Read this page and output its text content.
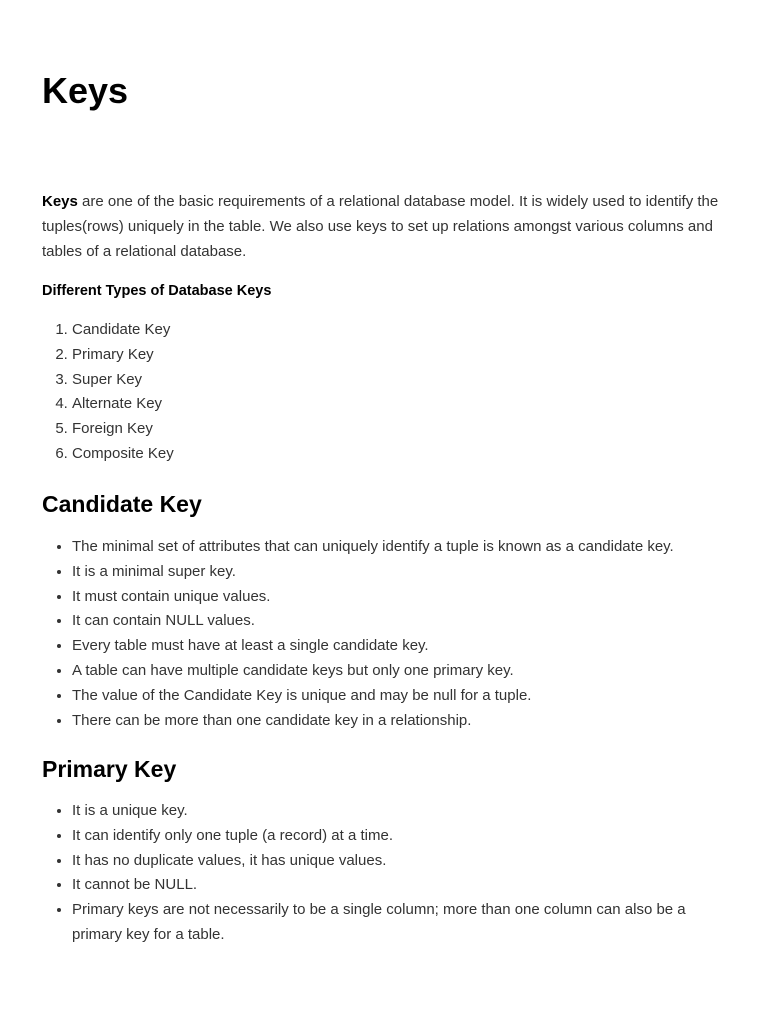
Keys

Keys are one of the basic requirements of a relational database model. It is widely used to identify the tuples(rows) uniquely in the table. We also use keys to set up relations amongst various columns and tables of a relational database.

Different Types of Database Keys

1. Candidate Key
2. Primary Key
3. Super Key
4. Alternate Key
5. Foreign Key
6. Composite Key
Candidate Key
• The minimal set of attributes that can uniquely identify a tuple is known as a candidate key.
• It is a minimal super key.
• It must contain unique values.
• It can contain NULL values.
• Every table must have at least a single candidate key.
• A table can have multiple candidate keys but only one primary key.
• The value of the Candidate Key is unique and may be null for a tuple.
• There can be more than one candidate key in a relationship.
Primary Key
• It is a unique key.
• It can identify only one tuple (a record) at a time.
• It has no duplicate values, it has unique values.
• It cannot be NULL.
• Primary keys are not necessarily to be a single column; more than one column can also be a primary key for a table.
